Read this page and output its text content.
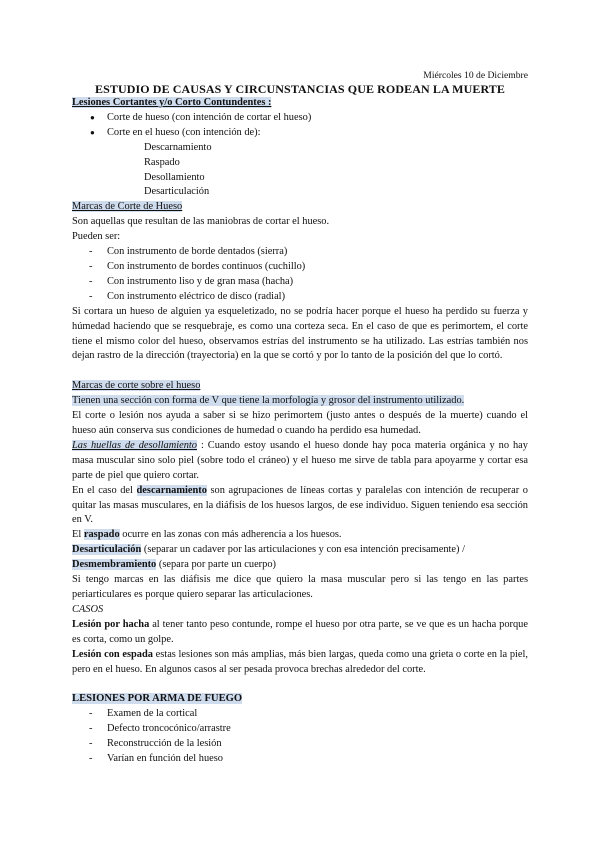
Miércoles 10 de Diciembre
ESTUDIO DE CAUSAS Y CIRCUNSTANCIAS QUE RODEAN LA MUERTE
Lesiones Cortantes y/o Corto Contundentes :
● Corte de hueso (con intención de cortar el hueso)
● Corte en el hueso (con intención de):
Descarnamiento
Raspado
Desollamiento
Desarticulación
Marcas de Corte de Hueso
Son aquellas que resultan de las maniobras de cortar el hueso.
Pueden ser:
- Con instrumento de borde dentados (sierra)
- Con instrumento de bordes continuos (cuchillo)
- Con instrumento liso y de gran masa (hacha)
- Con instrumento eléctrico de disco (radial)
Si cortara un hueso de alguien ya esqueletizado, no se podría hacer porque el hueso ha perdido su fuerza y húmedad haciendo que se resquebraje, es como una corteza seca. En el caso de que es perimortem, el corte tiene el mismo color del hueso, observamos estrías del instrumento se ha utilizado. Las estrías también nos dejan rastro de la dirección (trayectoria) en la que se cortó y por lo tanto de la posición del que lo cortó.
Marcas de corte sobre el hueso
Tienen una sección con forma de V que tiene la morfología y grosor del instrumento utilizado.
El corte o lesión nos ayuda a saber si se hizo perimortem (justo antes o después de la muerte) cuando el hueso aún conserva sus condiciones de humedad o cuando ha perdido esa humedad.
Las huellas de desollamiento : Cuando estoy usando el hueso donde hay poca materia orgánica y no hay masa muscular sino solo piel (sobre todo el cráneo) y el hueso me sirve de tabla para apoyarme y cortar esa parte de piel que quiero cortar.
En el caso del descarnamiento son agrupaciones de líneas cortas y paralelas con intención de recuperar o quitar las masas musculares, en la diáfisis de los huesos largos, de ese individuo. Siguen teniendo esa sección en V.
El raspado ocurre en las zonas con más adherencia a los huesos.
Desarticulación (separar un cadaver por las articulaciones y con esa intención precisamente) /
Desmembramiento (separa por parte un cuerpo)
Si tengo marcas en las diáfisis me dice que quiero la masa muscular pero si las tengo en las partes periarticulares es porque quiero separar las articulaciones.
CASOS
Lesión por hacha al tener tanto peso contunde, rompe el hueso por otra parte, se ve que es un hacha porque es corta, como un golpe.
Lesión con espada estas lesiones son más amplias, más bien largas, queda como una grieta o corte en la piel, pero en el hueso. En algunos casos al ser pesada provoca brechas alrededor del corte.
LESIONES POR ARMA DE FUEGO
- Examen de la cortical
- Defecto troncocónico/arrastre
- Reconstrucción de la lesión
- Varían en función del hueso
